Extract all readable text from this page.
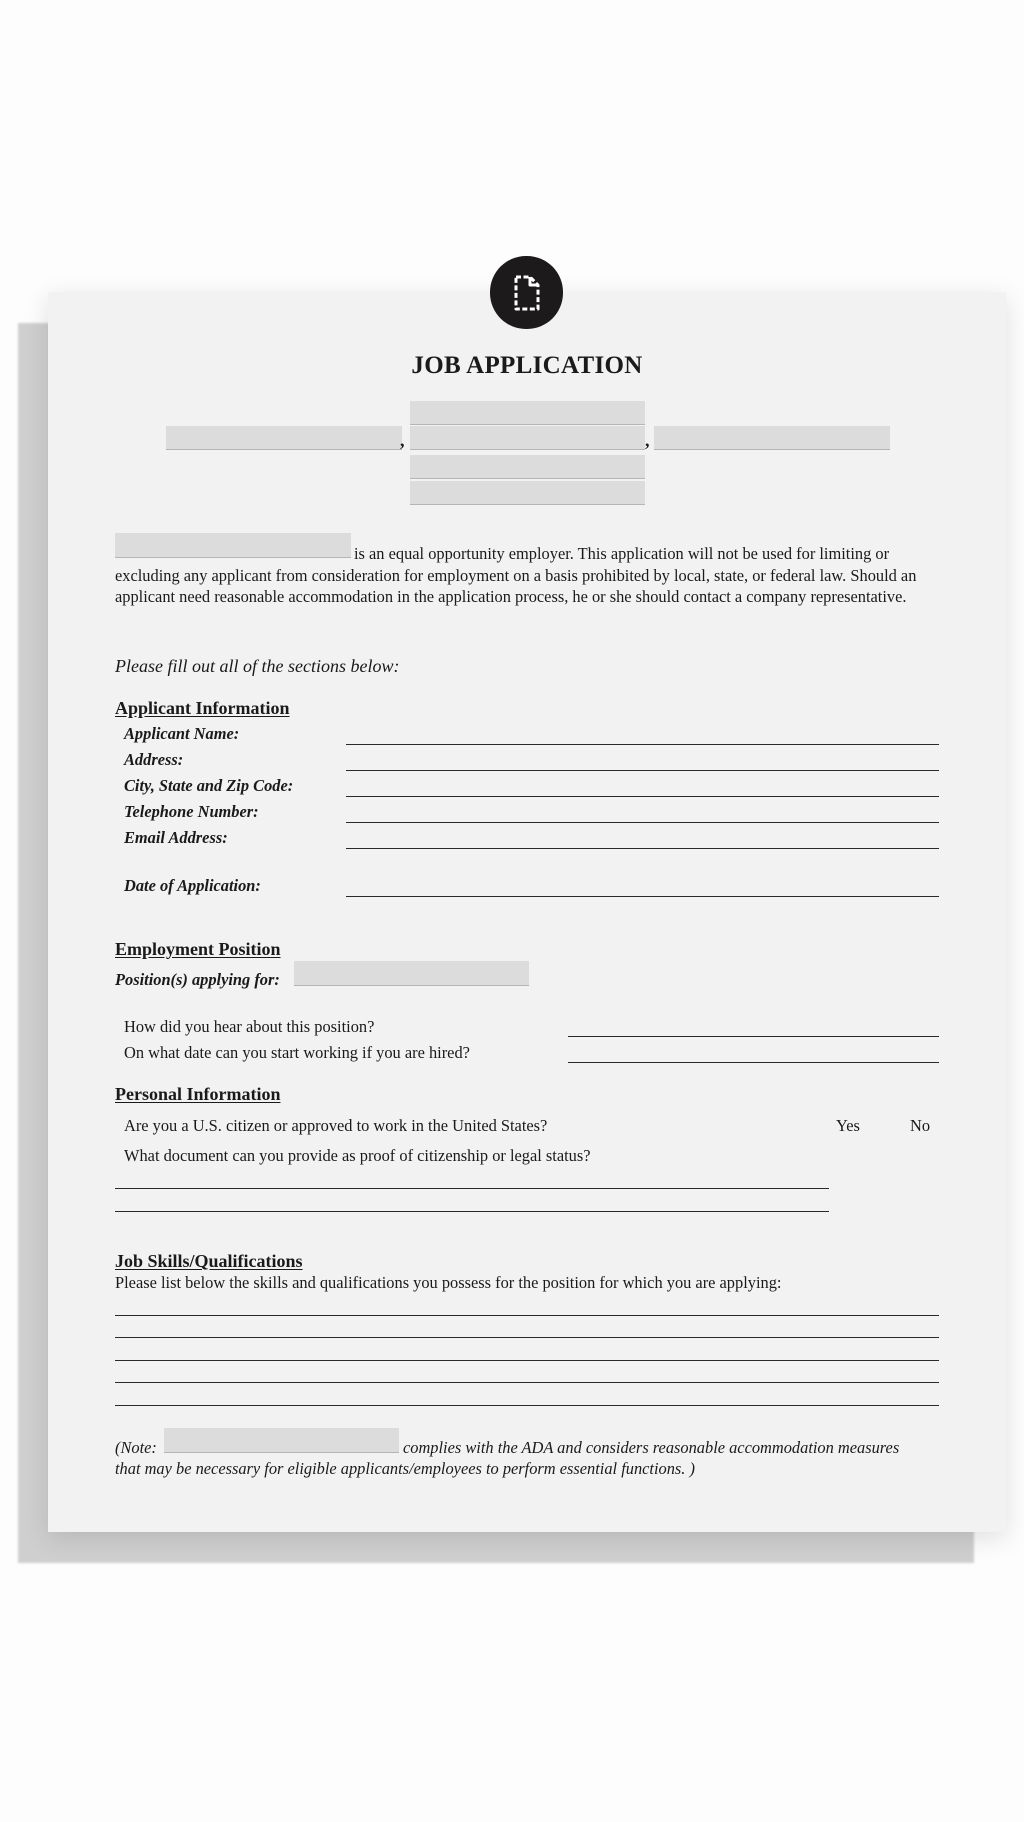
JOB APPLICATION
,	,
is an equal opportunity employer. This application will not be used for limiting or excluding any applicant from consideration for employment on a basis prohibited by local, state, or federal law. Should an applicant need reasonable accommodation in the application process, he or she should contact a company representative.
Please fill out all of the sections below:
Applicant Information
Applicant Name:
Address:
City, State and Zip Code:
Telephone Number:
Email Address:
Date of Application:
Employment Position
Position(s) applying for:
How did you hear about this position?
On what date can you start working if you are hired?
Personal Information
Are you a U.S. citizen or approved to work in the United States?	Yes	No
What document can you provide as proof of citizenship or legal status?
Job Skills/Qualifications
Please list below the skills and qualifications you possess for the position for which you are applying:
(Note:	complies with the ADA and considers reasonable accommodation measures
that may be necessary for eligible applicants/employees to perform essential functions. )
